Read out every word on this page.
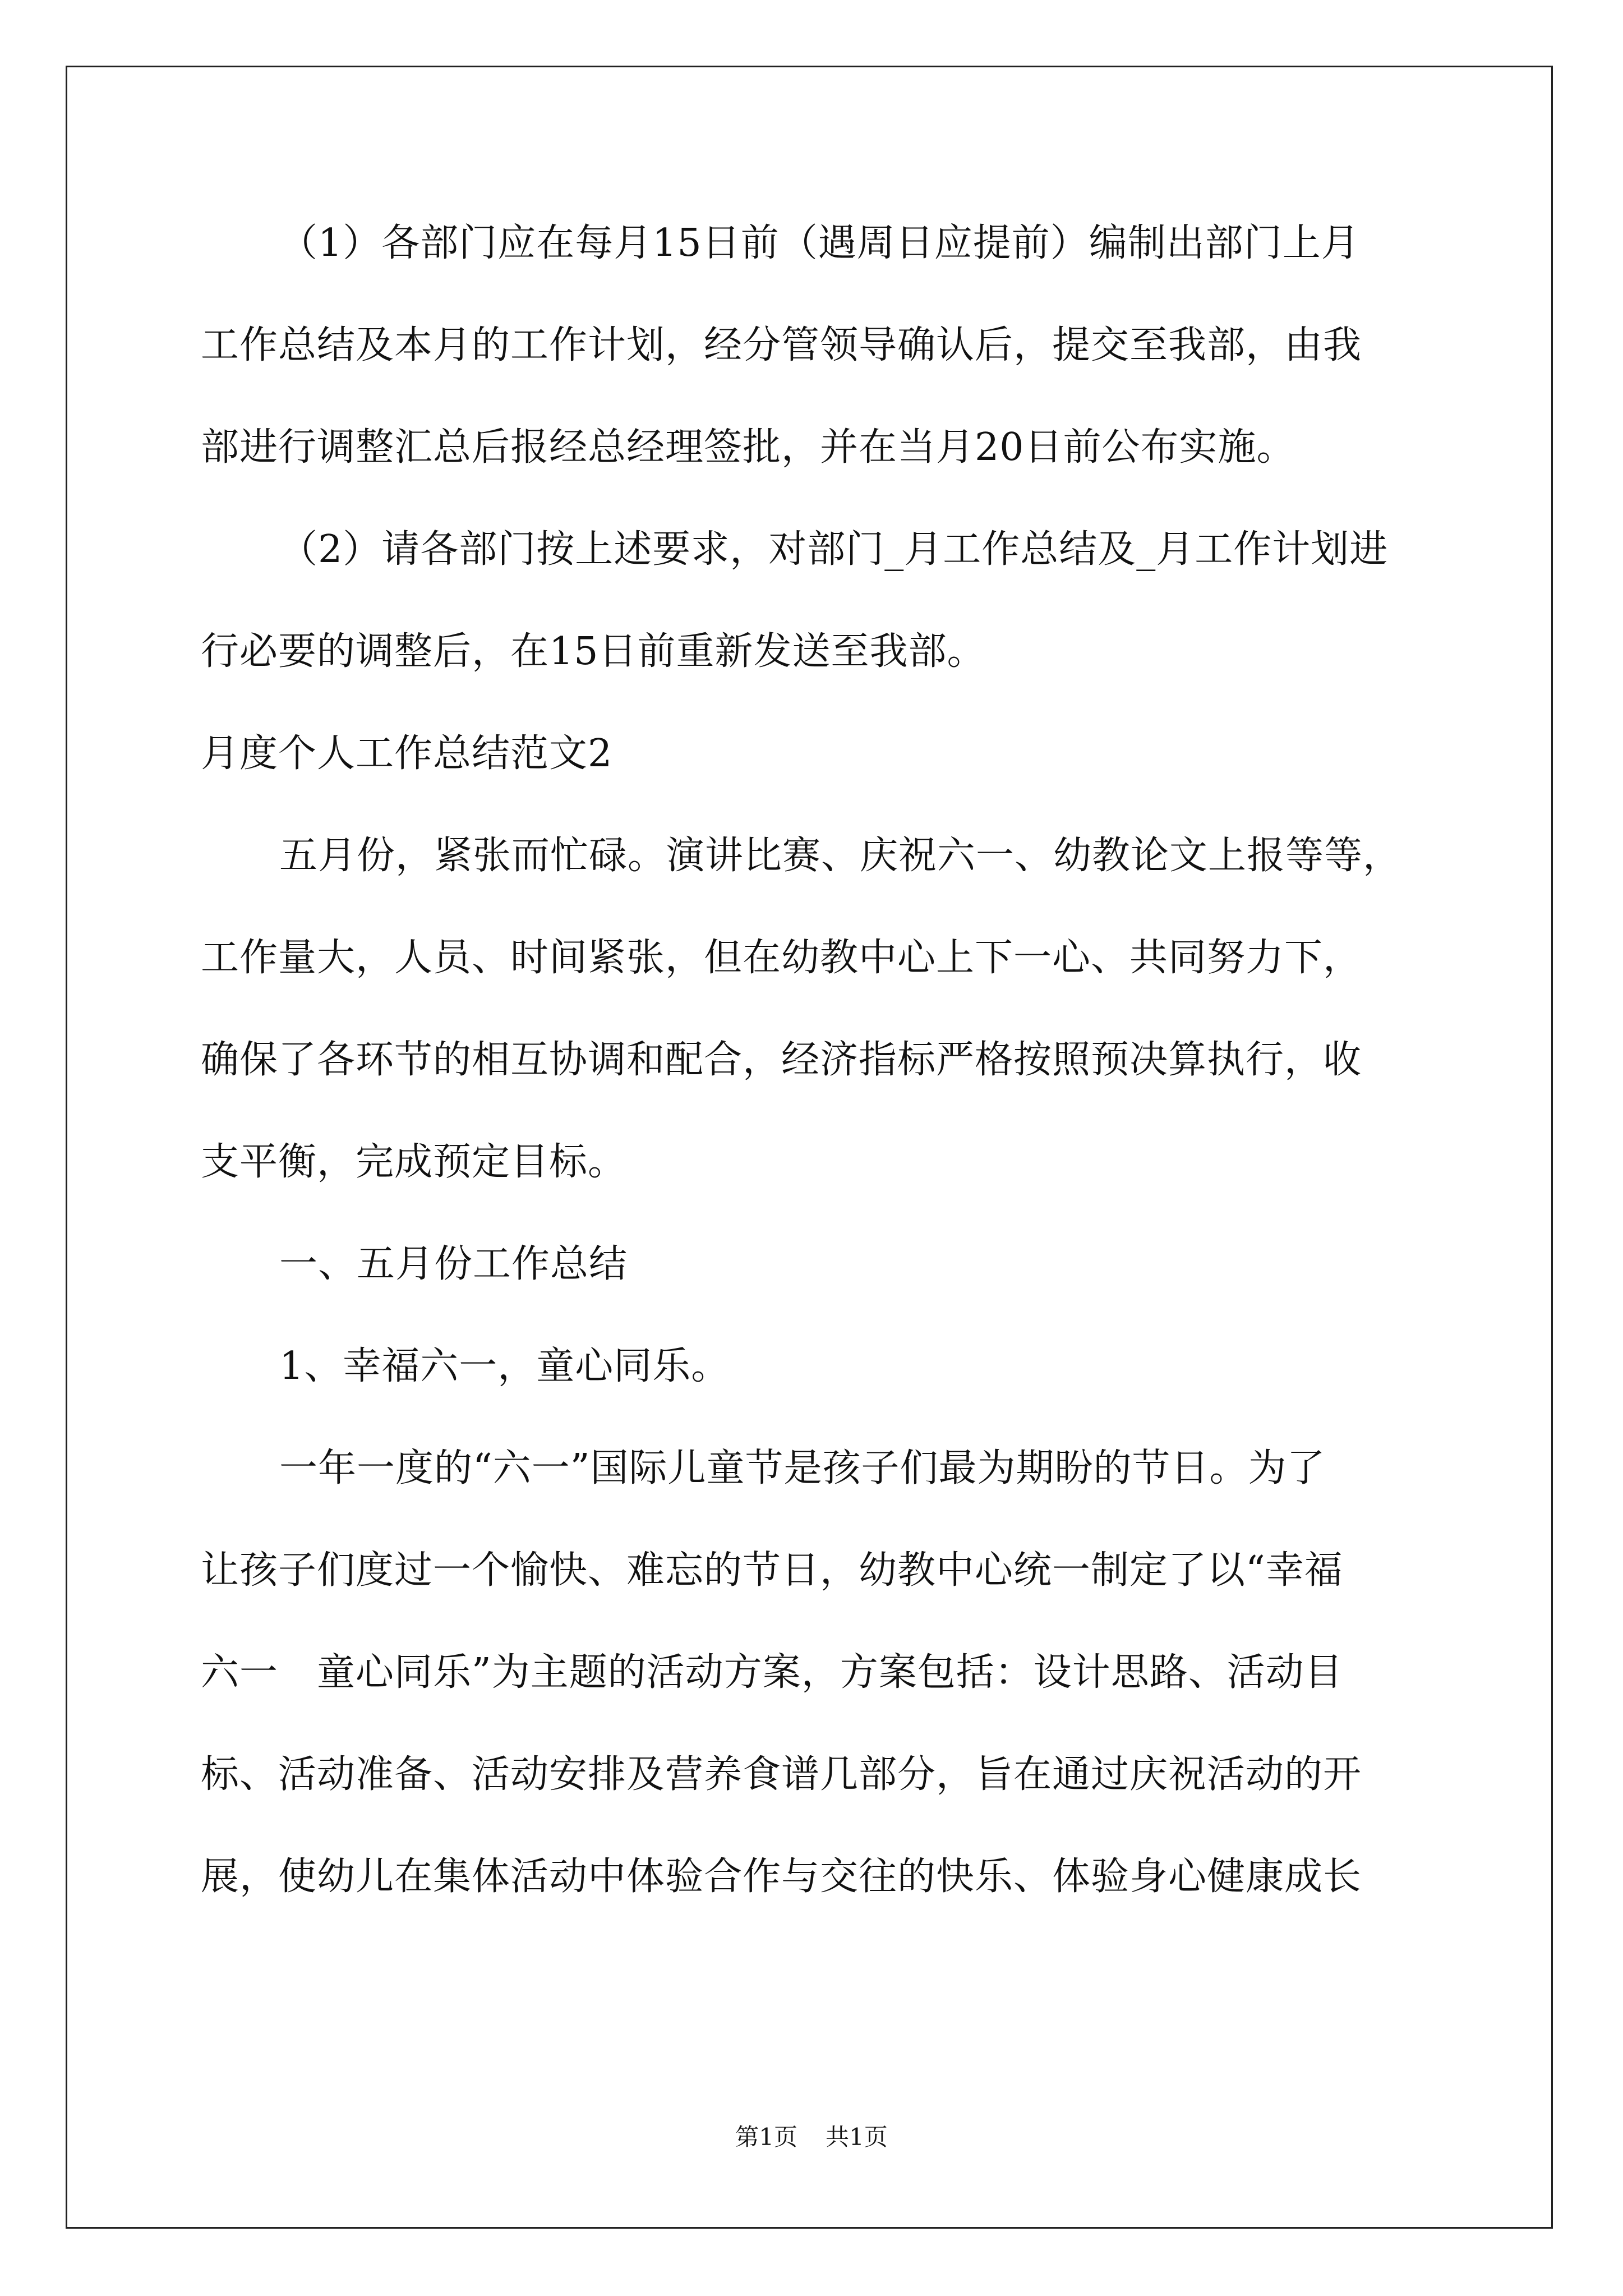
（1）各部门应在每月15日前（遇周日应提前）编制出部门上月
工作总结及本月的工作计划，经分管领导确认后，提交至我部，由我
部进行调整汇总后报经总经理签批，并在当月20日前公布实施。
（2）请各部门按上述要求，对部门_月工作总结及_月工作计划进
行必要的调整后，在15日前重新发送至我部。
月度个人工作总结范文2
五月份，紧张而忙碌。演讲比赛、庆祝六一、幼教论文上报等等，
工作量大，人员、时间紧张，但在幼教中心上下一心、共同努力下，
确保了各环节的相互协调和配合，经济指标严格按照预决算执行，收
支平衡，完成预定目标。
一、五月份工作总结
1、幸福六一，童心同乐。
一年一度的“六一”国际儿童节是孩子们最为期盼的节日。为了
让孩子们度过一个愉快、难忘的节日，幼教中心统一制定了以“幸福
六一　童心同乐”为主题的活动方案，方案包括：设计思路、活动目
标、活动准备、活动安排及营养食谱几部分，旨在通过庆祝活动的开
展，使幼儿在集体活动中体验合作与交往的快乐、体验身心健康成长
第1页 共1页
